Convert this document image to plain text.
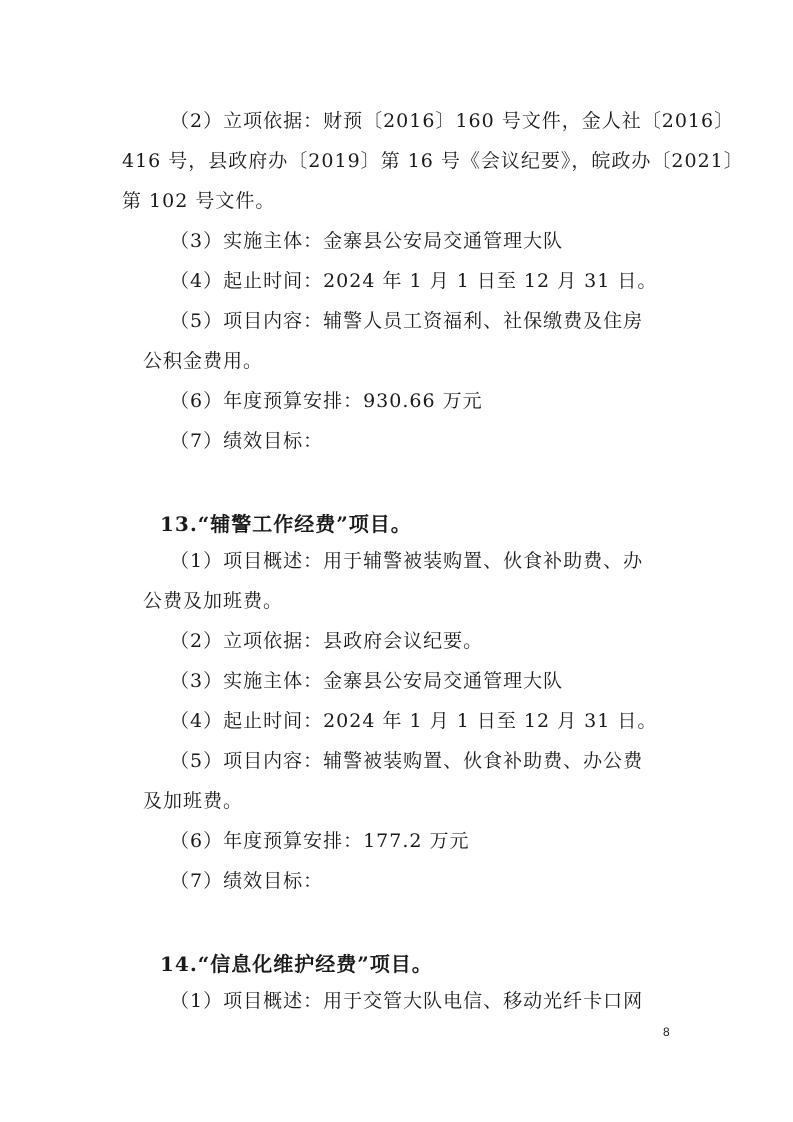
（2）立项依据：财预〔2016〕160 号文件，金人社〔2016〕
416 号，县政府办〔2019〕第 16 号《会议纪要》，皖政办〔2021〕
第 102 号文件。
（3）实施主体：金寨县公安局交通管理大队
（4）起止时间：2024 年 1 月 1 日至 12 月 31 日。
（5）项目内容：辅警人员工资福利、社保缴费及住房
公积金费用。
（6）年度预算安排：930.66 万元
（7）绩效目标：
13.“辅警工作经费”项目。
（1）项目概述：用于辅警被装购置、伙食补助费、办
公费及加班费。
（2）立项依据：县政府会议纪要。
（3）实施主体：金寨县公安局交通管理大队
（4）起止时间：2024 年 1 月 1 日至 12 月 31 日。
（5）项目内容：辅警被装购置、伙食补助费、办公费
及加班费。
（6）年度预算安排：177.2 万元
（7）绩效目标：
14.“信息化维护经费”项目。
（1）项目概述：用于交管大队电信、移动光纤卡口网
8
